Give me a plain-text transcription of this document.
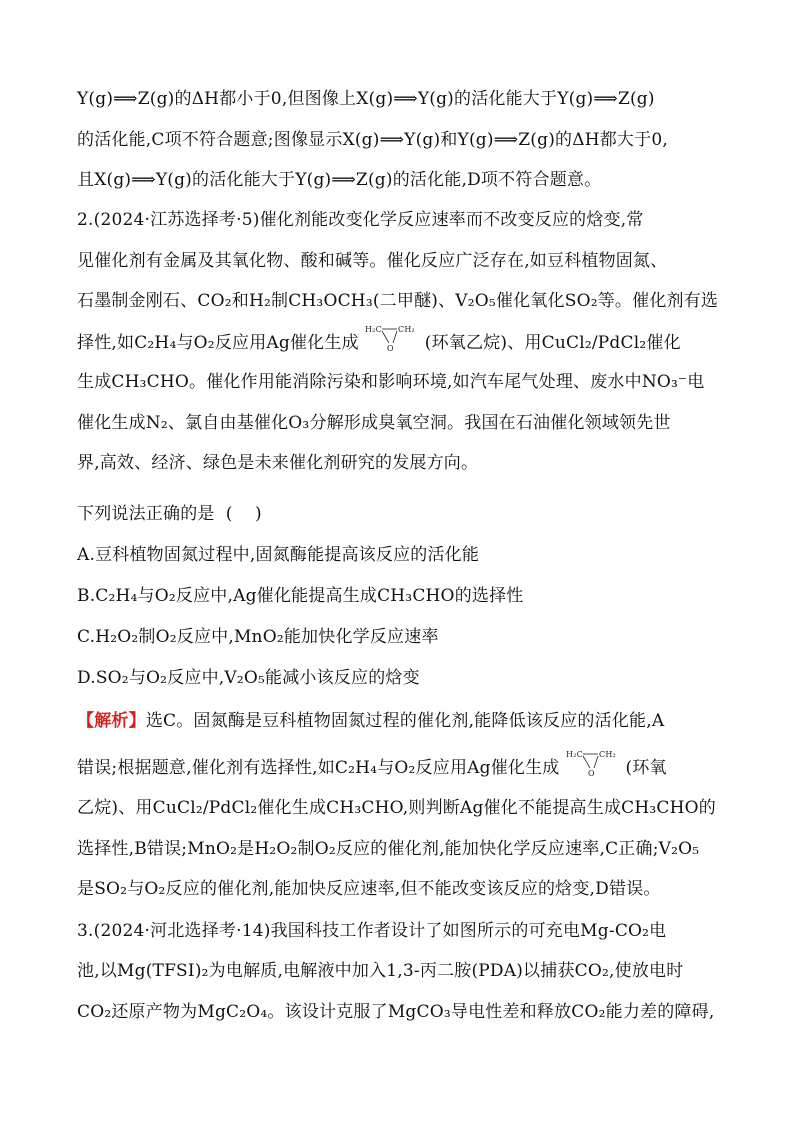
Y(g)⟹Z(g)的ΔH都小于0,但图像上X(g)⟹Y(g)的活化能大于Y(g)⟹Z(g)
的活化能,C项不符合题意;图像显示X(g)⟹Y(g)和Y(g)⟹Z(g)的ΔH都大于0,
且X(g)⟹Y(g)的活化能大于Y(g)⟹Z(g)的活化能,D项不符合题意。
2.(2024·江苏选择考·5)催化剂能改变化学反应速率而不改变反应的焓变,常
见催化剂有金属及其氧化物、酸和碱等。催化反应广泛存在,如豆科植物固氮、
石墨制金刚石、CO₂和H₂制CH₃OCH₃(二甲醚)、V₂O₅催化氧化SO₂等。催化剂有选
择性,如C₂H₄与O₂反应用Ag催化生成
H₂C CH₂
O (环氧乙烷)、用CuCl₂/PdCl₂催化
生成CH₃CHO。催化作用能消除污染和影响环境,如汽车尾气处理、废水中NO₃⁻电
催化生成N₂、氯自由基催化O₃分解形成臭氧空洞。我国在石油催化领域领先世
界,高效、经济、绿色是未来催化剂研究的发展方向。
下列说法正确的是  (    )
A.豆科植物固氮过程中,固氮酶能提高该反应的活化能
B.C₂H₄与O₂反应中,Ag催化能提高生成CH₃CHO的选择性
C.H₂O₂制O₂反应中,MnO₂能加快化学反应速率
D.SO₂与O₂反应中,V₂O₅能减小该反应的焓变
【解析】选C。固氮酶是豆科植物固氮过程的催化剂,能降低该反应的活化能,A
错误;根据题意,催化剂有选择性,如C₂H₄与O₂反应用Ag催化生成
H₂C CH₂
O (环氧
乙烷)、用CuCl₂/PdCl₂催化生成CH₃CHO,则判断Ag催化不能提高生成CH₃CHO的
选择性,B错误;MnO₂是H₂O₂制O₂反应的催化剂,能加快化学反应速率,C正确;V₂O₅
是SO₂与O₂反应的催化剂,能加快反应速率,但不能改变该反应的焓变,D错误。
3.(2024·河北选择考·14)我国科技工作者设计了如图所示的可充电Mg-CO₂电
池,以Mg(TFSI)₂为电解质,电解液中加入1,3-丙二胺(PDA)以捕获CO₂,使放电时
CO₂还原产物为MgC₂O₄。该设计克服了MgCO₃导电性差和释放CO₂能力差的障碍,
